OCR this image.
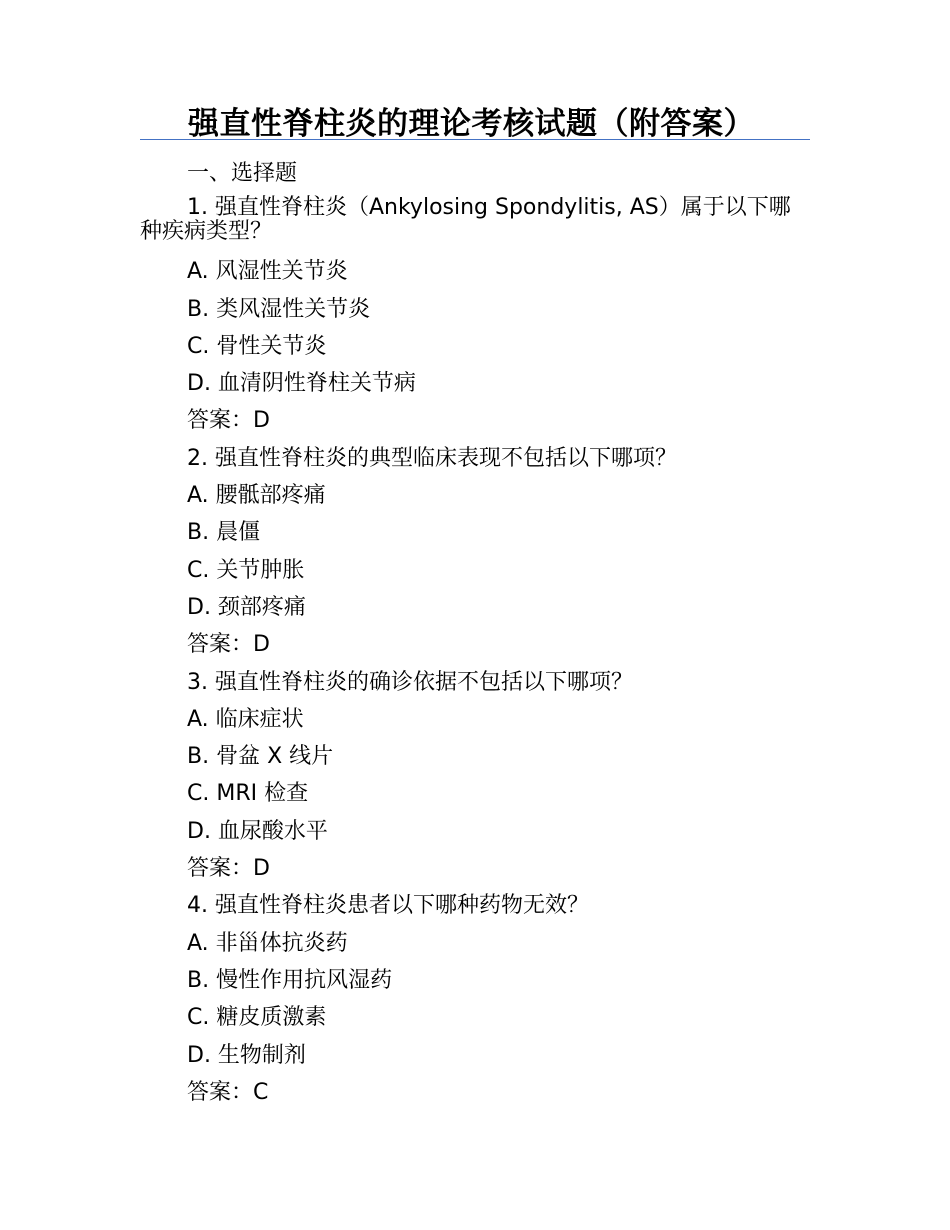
强直性脊柱炎的理论考核试题（附答案）
一、选择题
1. 强直性脊柱炎（Ankylosing Spondylitis, AS）属于以下哪种疾病类型？
A. 风湿性关节炎
B. 类风湿性关节炎
C. 骨性关节炎
D. 血清阴性脊柱关节病
答案：D
2. 强直性脊柱炎的典型临床表现不包括以下哪项？
A. 腰骶部疼痛
B. 晨僵
C. 关节肿胀
D. 颈部疼痛
答案：D
3. 强直性脊柱炎的确诊依据不包括以下哪项？
A. 临床症状
B. 骨盆 X 线片
C. MRI 检查
D. 血尿酸水平
答案：D
4. 强直性脊柱炎患者以下哪种药物无效？
A. 非甾体抗炎药
B. 慢性作用抗风湿药
C. 糖皮质激素
D. 生物制剂
答案：C
